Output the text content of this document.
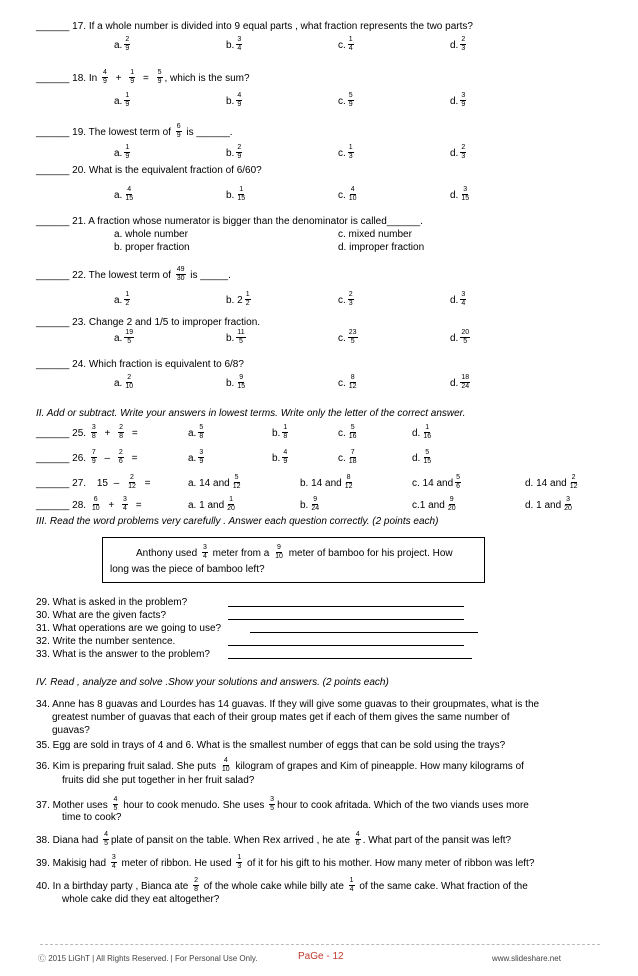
______ 17. If a whole number is divided into 9 equal parts , what fraction represents the two parts?
a. $\frac{2}{9}$	b. $\frac{3}{4}$	c. $\frac{1}{4}$	d. $\frac{2}{3}$
______ 18. In $\frac{4}{9} + \frac{1}{9} = \frac{5}{9}$ , which is the sum?
a. $\frac{1}{9}$	b. $\frac{4}{9}$	c. $\frac{5}{9}$	d. $\frac{3}{9}$
______ 19. The lowest term of $\frac{6}{9}$ is ______.
a. $\frac{1}{9}$	b. $\frac{2}{9}$	c. $\frac{1}{3}$	d. $\frac{2}{3}$
______ 20. What is the equivalent fraction of 6/60?
a. $\frac{4}{15}$	b. $\frac{1}{15}$	c. $\frac{4}{10}$	d. $\frac{3}{15}$
______ 21. A fraction whose numerator is bigger than the denominator is called______.
a. whole number	c. mixed number
b. proper fraction	d. improper fraction
______ 22. The lowest term of $\frac{49}{30}$ is _____.
a. $\frac{1}{2}$	b. $2 \frac{1}{2}$	c. $\frac{2}{3}$	d. $\frac{3}{4}$
______ 23. Change 2 and 1/5 to improper fraction.
a. $\frac{19}{5}$	b. $\frac{11}{5}$	c. $\frac{23}{5}$	d. $\frac{20}{5}$
______ 24. Which fraction is equivalent to 6/8?
a. $\frac{2}{10}$	b. $\frac{9}{15}$	c. $\frac{8}{12}$	d. $\frac{18}{24}$
II. Add or subtract. Write your answers in lowest terms. Write only the letter of the correct answer.
______ 25. $\frac{3}{8} + \frac{2}{8}$ =	a. $\frac{5}{8}$	b. $\frac{1}{8}$	c. $\frac{5}{16}$	d. $\frac{1}{16}$
______ 26. $\frac{7}{9} - \frac{2}{6}$ =	a. $\frac{3}{9}$	b. $\frac{4}{9}$	c. $\frac{7}{18}$	d. $\frac{5}{15}$
______ 27. $15 - \frac{2}{12}$ =	a. 14 and $\frac{5}{12}$	b. 14 and $\frac{8}{12}$	c. 14 and $\frac{5}{6}$	d. 14 and $\frac{2}{12}$
______ 28. $\frac{6}{10} + \frac{3}{4}$ =	a. 1 and $\frac{1}{20}$	b. $\frac{9}{24}$	c.1 and $\frac{9}{20}$	d. 1 and $\frac{3}{20}$
III. Read the word problems very carefully . Answer each question correctly. (2 points each)
Anthony used $\frac{3}{4}$ meter from a $\frac{9}{10}$ meter of bamboo for his project. How
long was the piece of bamboo left?
29. What is asked in the problem?
30. What are the given facts?
31. What operations are we going to use?
32. Write the number sentence.
33. What is the answer to the problem?
IV. Read , analyze and solve .Show your solutions and answers. (2 points each)
34. Anne has 8 guavas and Lourdes has 14 guavas. If they will give some guavas to their groupmates, what is the
greatest number of guavas that each of their group mates get if each of them gives the same number of
guavas?
35. Egg are sold in trays of 4 and 6. What is the smallest number of eggs that can be sold using the trays?
36. Kim is preparing fruit salad. She puts $\frac{4}{10}$ kilogram of grapes and Kim of pineapple. How many kilograms of
fruits did she put together in her fruit salad?
37. Mother uses $\frac{4}{5}$ hour to cook menudo. She uses $\frac{3}{5}$ hour to cook afritada. Which of the two viands uses more
time to cook?
38. Diana had $\frac{4}{5}$ plate of pansit on the table. When Rex arrived , he ate $\frac{4}{6}$ . What part of the pansit was left?
39. Makisig had $\frac{3}{4}$ meter of ribbon. He used $\frac{1}{3}$ of it for his gift to his mother. How many meter of ribbon was left?
40. In a birthday party , Bianca ate $\frac{2}{8}$ of the whole cake while billy ate $\frac{1}{4}$ of the same cake. What fraction of the
whole cake did they eat altogether?
Ⓒ 2015 LiGhT | All Rights Reserved. | For Personal Use Only.	PaGe - 12	www.slideshare.net
